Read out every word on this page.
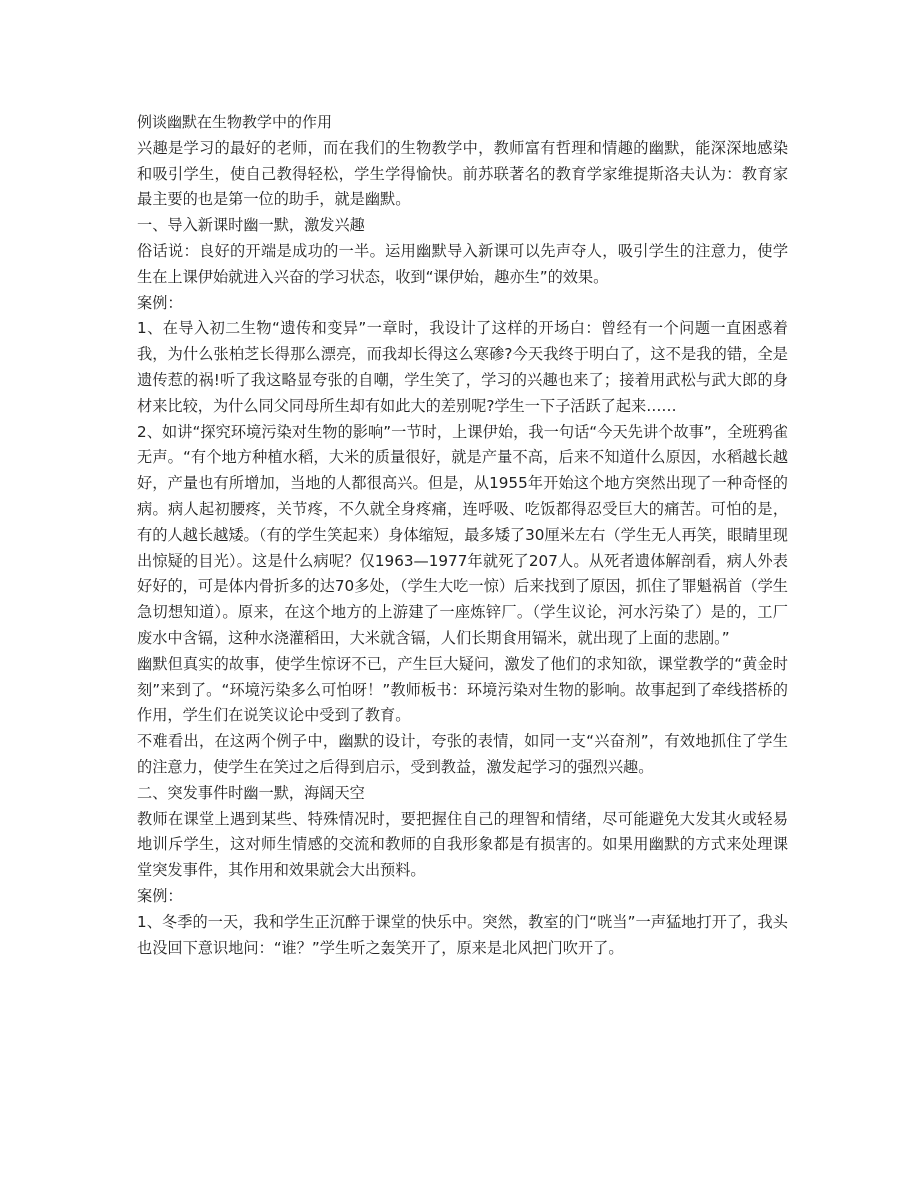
例谈幽默在生物教学中的作用

兴趣是学习的最好的老师，而在我们的生物教学中，教师富有哲理和情趣的幽默，能深深地感染和吸引学生，使自己教得轻松，学生学得愉快。前苏联著名的教育学家维提斯洛夫认为：教育家最主要的也是第一位的助手，就是幽默。

一、导入新课时幽一默，激发兴趣

俗话说：良好的开端是成功的一半。运用幽默导入新课可以先声夺人，吸引学生的注意力，使学生在上课伊始就进入兴奋的学习状态，收到“课伊始，趣亦生”的效果。

案例：

1、在导入初二生物“遗传和变异”一章时，我设计了这样的开场白：曾经有一个问题一直困惑着我，为什么张柏芝长得那么漂亮，而我却长得这么寒碜?今天我终于明白了，这不是我的错，全是遗传惹的祸!听了我这略显夸张的自嘲，学生笑了，学习的兴趣也来了；接着用武松与武大郎的身材来比较，为什么同父同母所生却有如此大的差别呢?学生一下子活跃了起来……

2、如讲“探究环境污染对生物的影响”一节时，上课伊始，我一句话“今天先讲个故事”，全班鸦雀无声。“有个地方种植水稻，大米的质量很好，就是产量不高，后来不知道什么原因，水稻越长越好，产量也有所增加，当地的人都很高兴。但是，从1955年开始这个地方突然出现了一种奇怪的病。病人起初腰疼，关节疼，不久就全身疼痛，连呼吸、吃饭都得忍受巨大的痛苦。可怕的是，有的人越长越矮。（有的学生笑起来）身体缩短，最多矮了30厘米左右（学生无人再笑，眼睛里现出惊疑的目光）。这是什么病呢？仅1963—1977年就死了207人。从死者遗体解剖看，病人外表好好的，可是体内骨折多的达70多处，（学生大吃一惊）后来找到了原因，抓住了罪魁祸首（学生急切想知道）。原来，在这个地方的上游建了一座炼锌厂。（学生议论，河水污染了）是的，工厂废水中含镉，这种水浇灌稻田，大米就含镉，人们长期食用镉米，就出现了上面的悲剧。”

幽默但真实的故事，使学生惊讶不已，产生巨大疑问，激发了他们的求知欲，课堂教学的“黄金时刻”来到了。“环境污染多么可怕呀！”教师板书：环境污染对生物的影响。故事起到了牵线搭桥的作用，学生们在说笑议论中受到了教育。

不难看出，在这两个例子中，幽默的设计，夸张的表情，如同一支“兴奋剂”，有效地抓住了学生的注意力，使学生在笑过之后得到启示，受到教益，激发起学习的强烈兴趣。

二、突发事件时幽一默，海阔天空

教师在课堂上遇到某些、特殊情况时，要把握住自己的理智和情绪，尽可能避免大发其火或轻易地训斥学生，这对师生情感的交流和教师的自我形象都是有损害的。如果用幽默的方式来处理课堂突发事件，其作用和效果就会大出预料。

案例：

1、冬季的一天，我和学生正沉醉于课堂的快乐中。突然，教室的门“咣当”一声猛地打开了，我头也没回下意识地问：“谁？”学生听之轰笑开了，原来是北风把门吹开了。
